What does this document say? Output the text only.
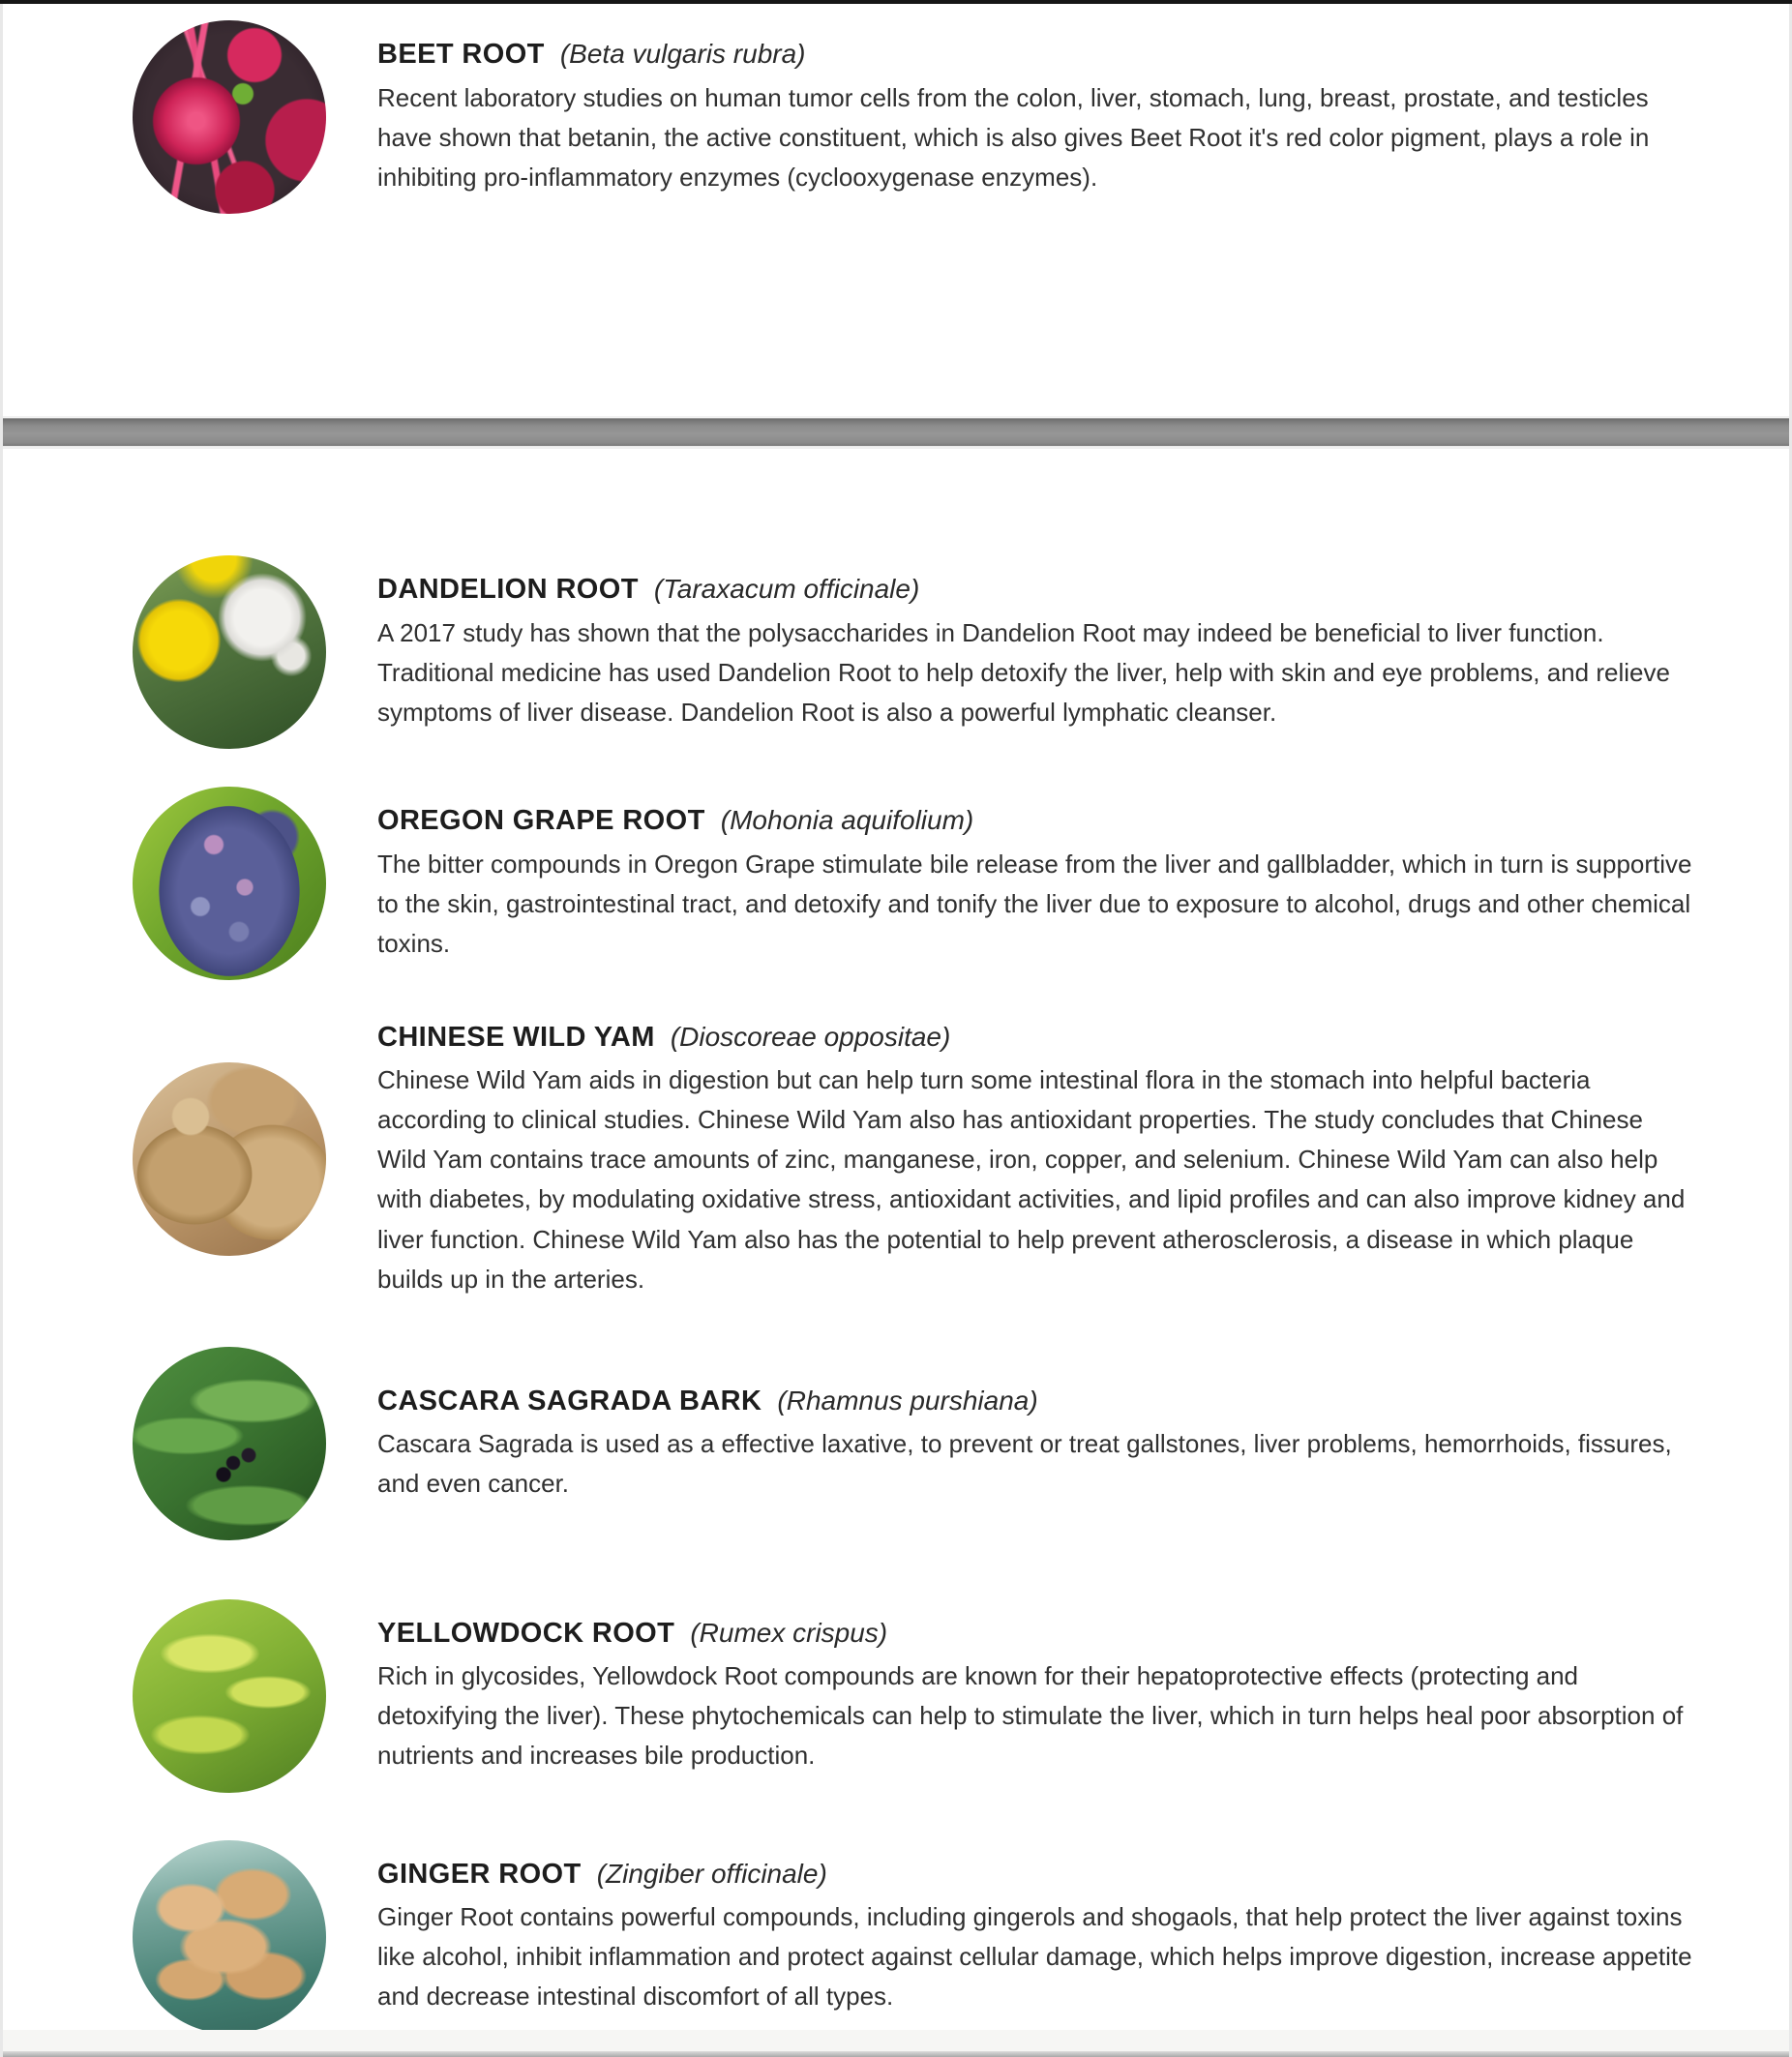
BEET ROOT (Beta vulgaris rubra)

Recent laboratory studies on human tumor cells from the colon, liver, stomach, lung, breast, prostate, and testicles have shown that betanin, the active constituent, which is also gives Beet Root it's red color pigment, plays a role in inhibiting pro-inflammatory enzymes (cyclooxygenase enzymes).

DANDELION ROOT (Taraxacum officinale)

A 2017 study has shown that the polysaccharides in Dandelion Root may indeed be beneficial to liver function. Traditional medicine has used Dandelion Root to help detoxify the liver, help with skin and eye problems, and relieve symptoms of liver disease. Dandelion Root is also a powerful lymphatic cleanser.

OREGON GRAPE ROOT (Mohonia aquifolium)

The bitter compounds in Oregon Grape stimulate bile release from the liver and gallbladder, which in turn is supportive to the skin, gastrointestinal tract, and detoxify and tonify the liver due to exposure to alcohol, drugs and other chemical toxins.

CHINESE WILD YAM (Dioscoreae oppositae)

Chinese Wild Yam aids in digestion but can help turn some intestinal flora in the stomach into helpful bacteria according to clinical studies. Chinese Wild Yam also has antioxidant properties. The study concludes that Chinese Wild Yam contains trace amounts of zinc, manganese, iron, copper, and selenium. Chinese Wild Yam can also help with diabetes, by modulating oxidative stress, antioxidant activities, and lipid profiles and can also improve kidney and liver function. Chinese Wild Yam also has the potential to help prevent atherosclerosis, a disease in which plaque builds up in the arteries.

CASCARA SAGRADA BARK (Rhamnus purshiana)

Cascara Sagrada is used as a effective laxative, to prevent or treat gallstones, liver problems, hemorrhoids, fissures, and even cancer.

YELLOWDOCK ROOT (Rumex crispus)

Rich in glycosides, Yellowdock Root compounds are known for their hepatoprotective effects (protecting and detoxifying the liver). These phytochemicals can help to stimulate the liver, which in turn helps heal poor absorption of nutrients and increases bile production.

GINGER ROOT (Zingiber officinale)

Ginger Root contains powerful compounds, including gingerols and shogaols, that help protect the liver against toxins like alcohol, inhibit inflammation and protect against cellular damage, which helps improve digestion, increase appetite and decrease intestinal discomfort of all types.
